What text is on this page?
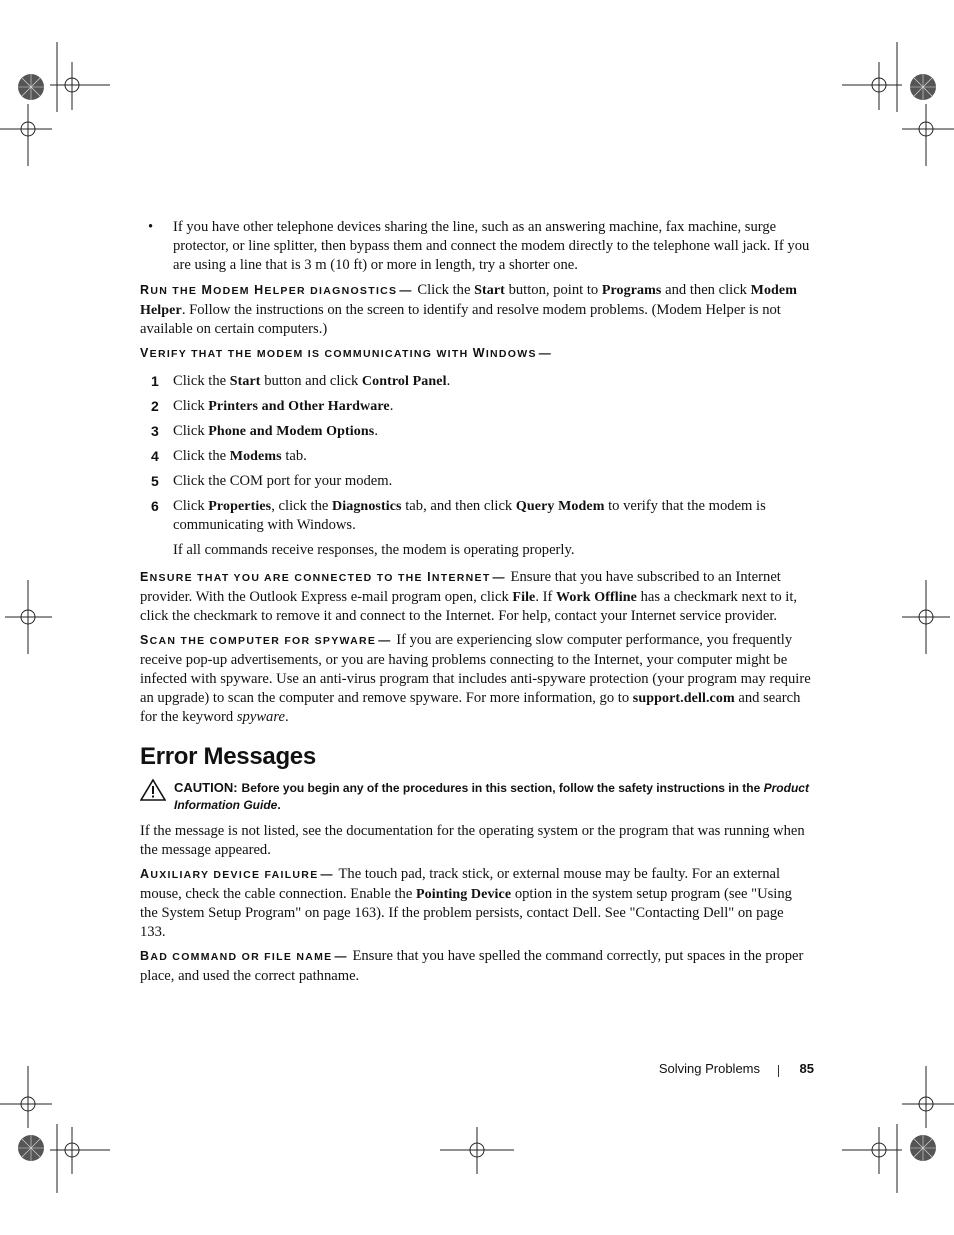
• If you have other telephone devices sharing the line, such as an answering machine, fax machine, surge protector, or line splitter, then bypass them and connect the modem directly to the telephone wall jack. If you are using a line that is 3 m (10 ft) or more in length, try a shorter one.

RUN THE MODEM HELPER DIAGNOSTICS — Click the Start button, point to Programs and then click Modem Helper. Follow the instructions on the screen to identify and resolve modem problems. (Modem Helper is not available on certain computers.)

VERIFY THAT THE MODEM IS COMMUNICATING WITH WINDOWS —

1 Click the Start button and click Control Panel.
2 Click Printers and Other Hardware.
3 Click Phone and Modem Options.
4 Click the Modems tab.
5 Click the COM port for your modem.
6 Click Properties, click the Diagnostics tab, and then click Query Modem to verify that the modem is communicating with Windows.

If all commands receive responses, the modem is operating properly.

ENSURE THAT YOU ARE CONNECTED TO THE INTERNET — Ensure that you have subscribed to an Internet provider. With the Outlook Express e-mail program open, click File. If Work Offline has a checkmark next to it, click the checkmark to remove it and connect to the Internet. For help, contact your Internet service provider.

SCAN THE COMPUTER FOR SPYWARE — If you are experiencing slow computer performance, you frequently receive pop-up advertisements, or you are having problems connecting to the Internet, your computer might be infected with spyware. Use an anti-virus program that includes anti-spyware protection (your program may require an upgrade) to scan the computer and remove spyware. For more information, go to support.dell.com and search for the keyword spyware.

Error Messages
CAUTION: Before you begin any of the procedures in this section, follow the safety instructions in the Product Information Guide.

If the message is not listed, see the documentation for the operating system or the program that was running when the message appeared.

AUXILIARY DEVICE FAILURE — The touch pad, track stick, or external mouse may be faulty. For an external mouse, check the cable connection. Enable the Pointing Device option in the system setup program (see "Using the System Setup Program" on page 163). If the problem persists, contact Dell. See "Contacting Dell" on page 133.

BAD COMMAND OR FILE NAME — Ensure that you have spelled the command correctly, put spaces in the proper place, and used the correct pathname.

Solving Problems	85
